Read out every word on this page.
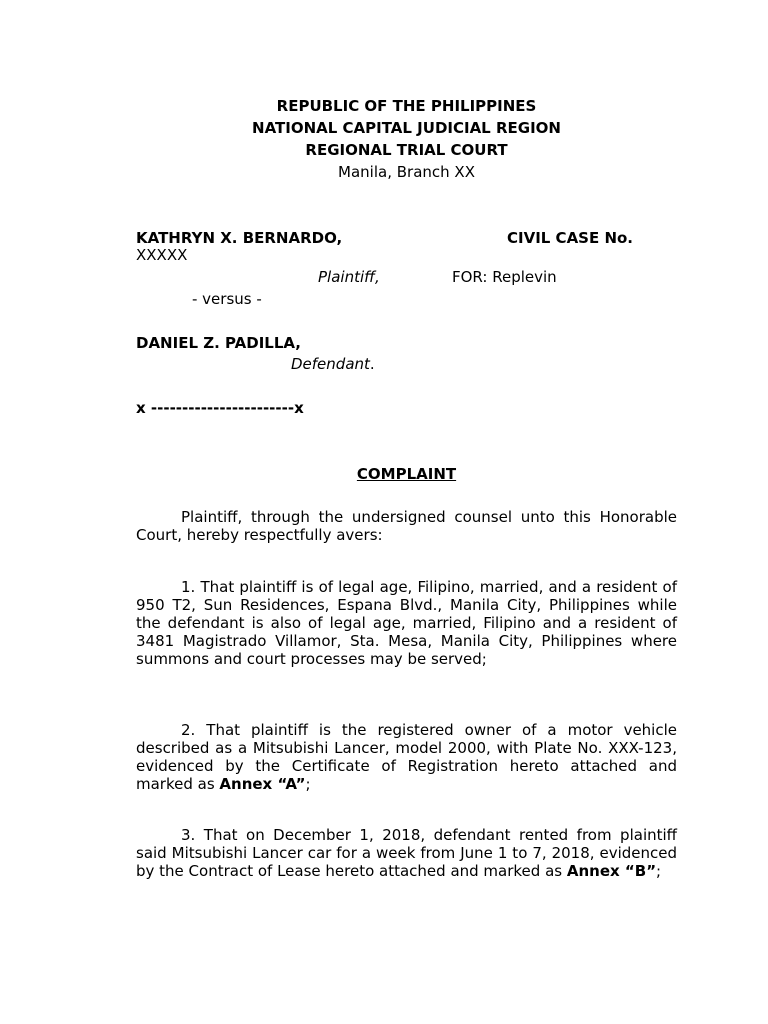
REPUBLIC OF THE PHILIPPINES
NATIONAL CAPITAL JUDICIAL REGION
REGIONAL TRIAL COURT
Manila, Branch XX
KATHRYN X. BERNARDO,	CIVIL CASE No.
XXXXX
Plaintiff,	FOR: Replevin
- versus -
DANIEL Z. PADILLA,
Defendant.
x -----------------------x
COMPLAINT
Plaintiff, through the undersigned counsel unto this Honorable Court, hereby respectfully avers:
1. That plaintiff is of legal age, Filipino, married, and a resident of 950 T2, Sun Residences, Espana Blvd., Manila City, Philippines while the defendant is also of legal age, married, Filipino and a resident of 3481 Magistrado Villamor, Sta. Mesa, Manila City, Philippines where summons and court processes may be served;
2. That plaintiff is the registered owner of a motor vehicle described as a Mitsubishi Lancer, model 2000, with Plate No. XXX-123, evidenced by the Certificate of Registration hereto attached and marked as Annex “A”;
3. That on December 1, 2018, defendant rented from plaintiff said Mitsubishi Lancer car for a week from June 1 to 7, 2018, evidenced by the Contract of Lease hereto attached and marked as Annex “B”;
